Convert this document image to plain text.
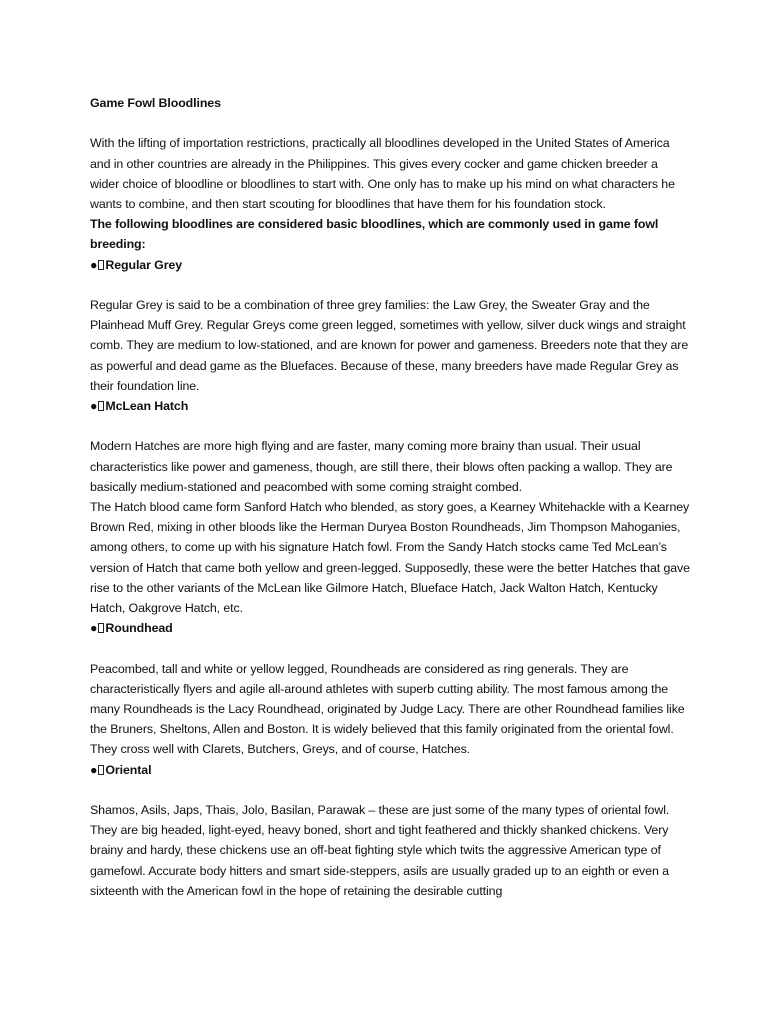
Game Fowl Bloodlines

With the lifting of importation restrictions, practically all bloodlines developed in the United States of America and in other countries are already in the Philippines. This gives every cocker and game chicken breeder a wider choice of bloodline or bloodlines to start with. One only has to make up his mind on what characters he wants to combine, and then start scouting for bloodlines that have them for his foundation stock.

The following bloodlines are considered basic bloodlines, which are commonly used in game fowl breeding:

● Regular Grey

Regular Grey is said to be a combination of three grey families: the Law Grey, the Sweater Gray and the Plainhead Muff Grey. Regular Greys come green legged, sometimes with yellow, silver duck wings and straight comb. They are medium to low-stationed, and are known for power and gameness. Breeders note that they are as powerful and dead game as the Bluefaces. Because of these, many breeders have made Regular Grey as their foundation line.

● McLean Hatch

Modern Hatches are more high flying and are faster, many coming more brainy than usual. Their usual characteristics like power and gameness, though, are still there, their blows often packing a wallop. They are basically medium-stationed and peacombed with some coming straight combed.

The Hatch blood came form Sanford Hatch who blended, as story goes, a Kearney Whitehackle with a Kearney Brown Red, mixing in other bloods like the Herman Duryea Boston Roundheads, Jim Thompson Mahoganies, among others, to come up with his signature Hatch fowl. From the Sandy Hatch stocks came Ted McLean’s version of Hatch that came both yellow and green-legged. Supposedly, these were the better Hatches that gave rise to the other variants of the McLean like Gilmore Hatch, Blueface Hatch, Jack Walton Hatch, Kentucky Hatch, Oakgrove Hatch, etc.

● Roundhead

Peacombed, tall and white or yellow legged, Roundheads are considered as ring generals. They are characteristically flyers and agile all-around athletes with superb cutting ability. The most famous among the many Roundheads is the Lacy Roundhead, originated by Judge Lacy. There are other Roundhead families like the Bruners, Sheltons, Allen and Boston. It is widely believed that this family originated from the oriental fowl. They cross well with Clarets, Butchers, Greys, and of course, Hatches.

● Oriental

Shamos, Asils, Japs, Thais, Jolo, Basilan, Parawak – these are just some of the many types of oriental fowl. They are big headed, light-eyed, heavy boned, short and tight feathered and thickly shanked chickens. Very brainy and hardy, these chickens use an off-beat fighting style which twits the aggressive American type of gamefowl. Accurate body hitters and smart side-steppers, asils are usually graded up to an eighth or even a sixteenth with the American fowl in the hope of retaining the desirable cutting
